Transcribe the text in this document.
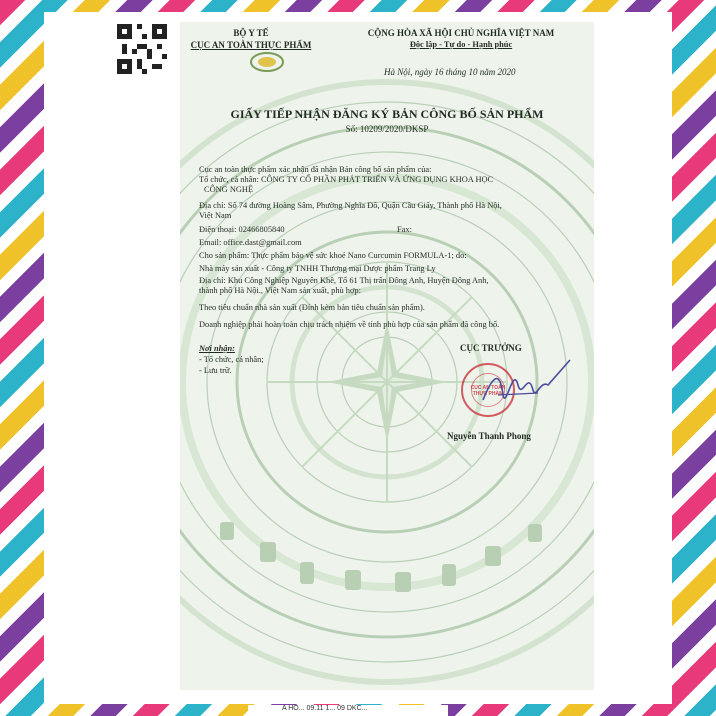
BỘ Y TẾ
CỤC AN TOÀN THỰC PHẨM
CỘNG HÒA XÃ HỘI CHỦ NGHĨA VIỆT NAM
Độc lập - Tự do - Hạnh phúc
Hà Nội, ngày 16 tháng 10 năm 2020
GIẤY TIẾP NHẬN ĐĂNG KÝ BẢN CÔNG BỐ SẢN PHẨM
Số: 10209/2020/DKSP
Cục an toàn thực phẩm xác nhận đã nhận Bản công bố sản phẩm của:
Tổ chức, cá nhân: CÔNG TY CỔ PHẦN PHÁT TRIỂN VÀ ỨNG DỤNG KHOA HỌC
CÔNG NGHỆ
Địa chỉ: Số 74 đường Hoàng Sâm, Phường Nghĩa Đô, Quận Cầu Giấy, Thành phố Hà Nội,
Việt Nam
Điện thoại: 02466805840	Fax:
Email: office.dast@gmail.com
Cho sản phẩm: Thực phẩm bảo vệ sức khoẻ Nano Curcumin FORMULA-1; do:
Nhà máy sản xuất - Công ty TNHH Thương mại Dược phẩm Trang Ly
Địa chỉ: Khu Công Nghiệp Nguyên Khê, Tổ 61 Thị trấn Đông Anh, Huyện Đông Anh,
thành phố Hà Nội., Việt Nam sản xuất, phù hợp:
Theo tiêu chuẩn nhà sản xuất (Đính kèm bản tiêu chuẩn sản phẩm).
Doanh nghiệp phải hoàn toàn chịu trách nhiệm về tính phù hợp của sản phẩm đã công bố.
Nơi nhận:
- Tổ chức, cá nhân;
- Lưu trữ.
CỤC TRƯỞNG
CỤC AN TOÀN THỰC PHẨM
Nguyễn Thanh Phong
A HO... 09.11 1... 09 DKC...
